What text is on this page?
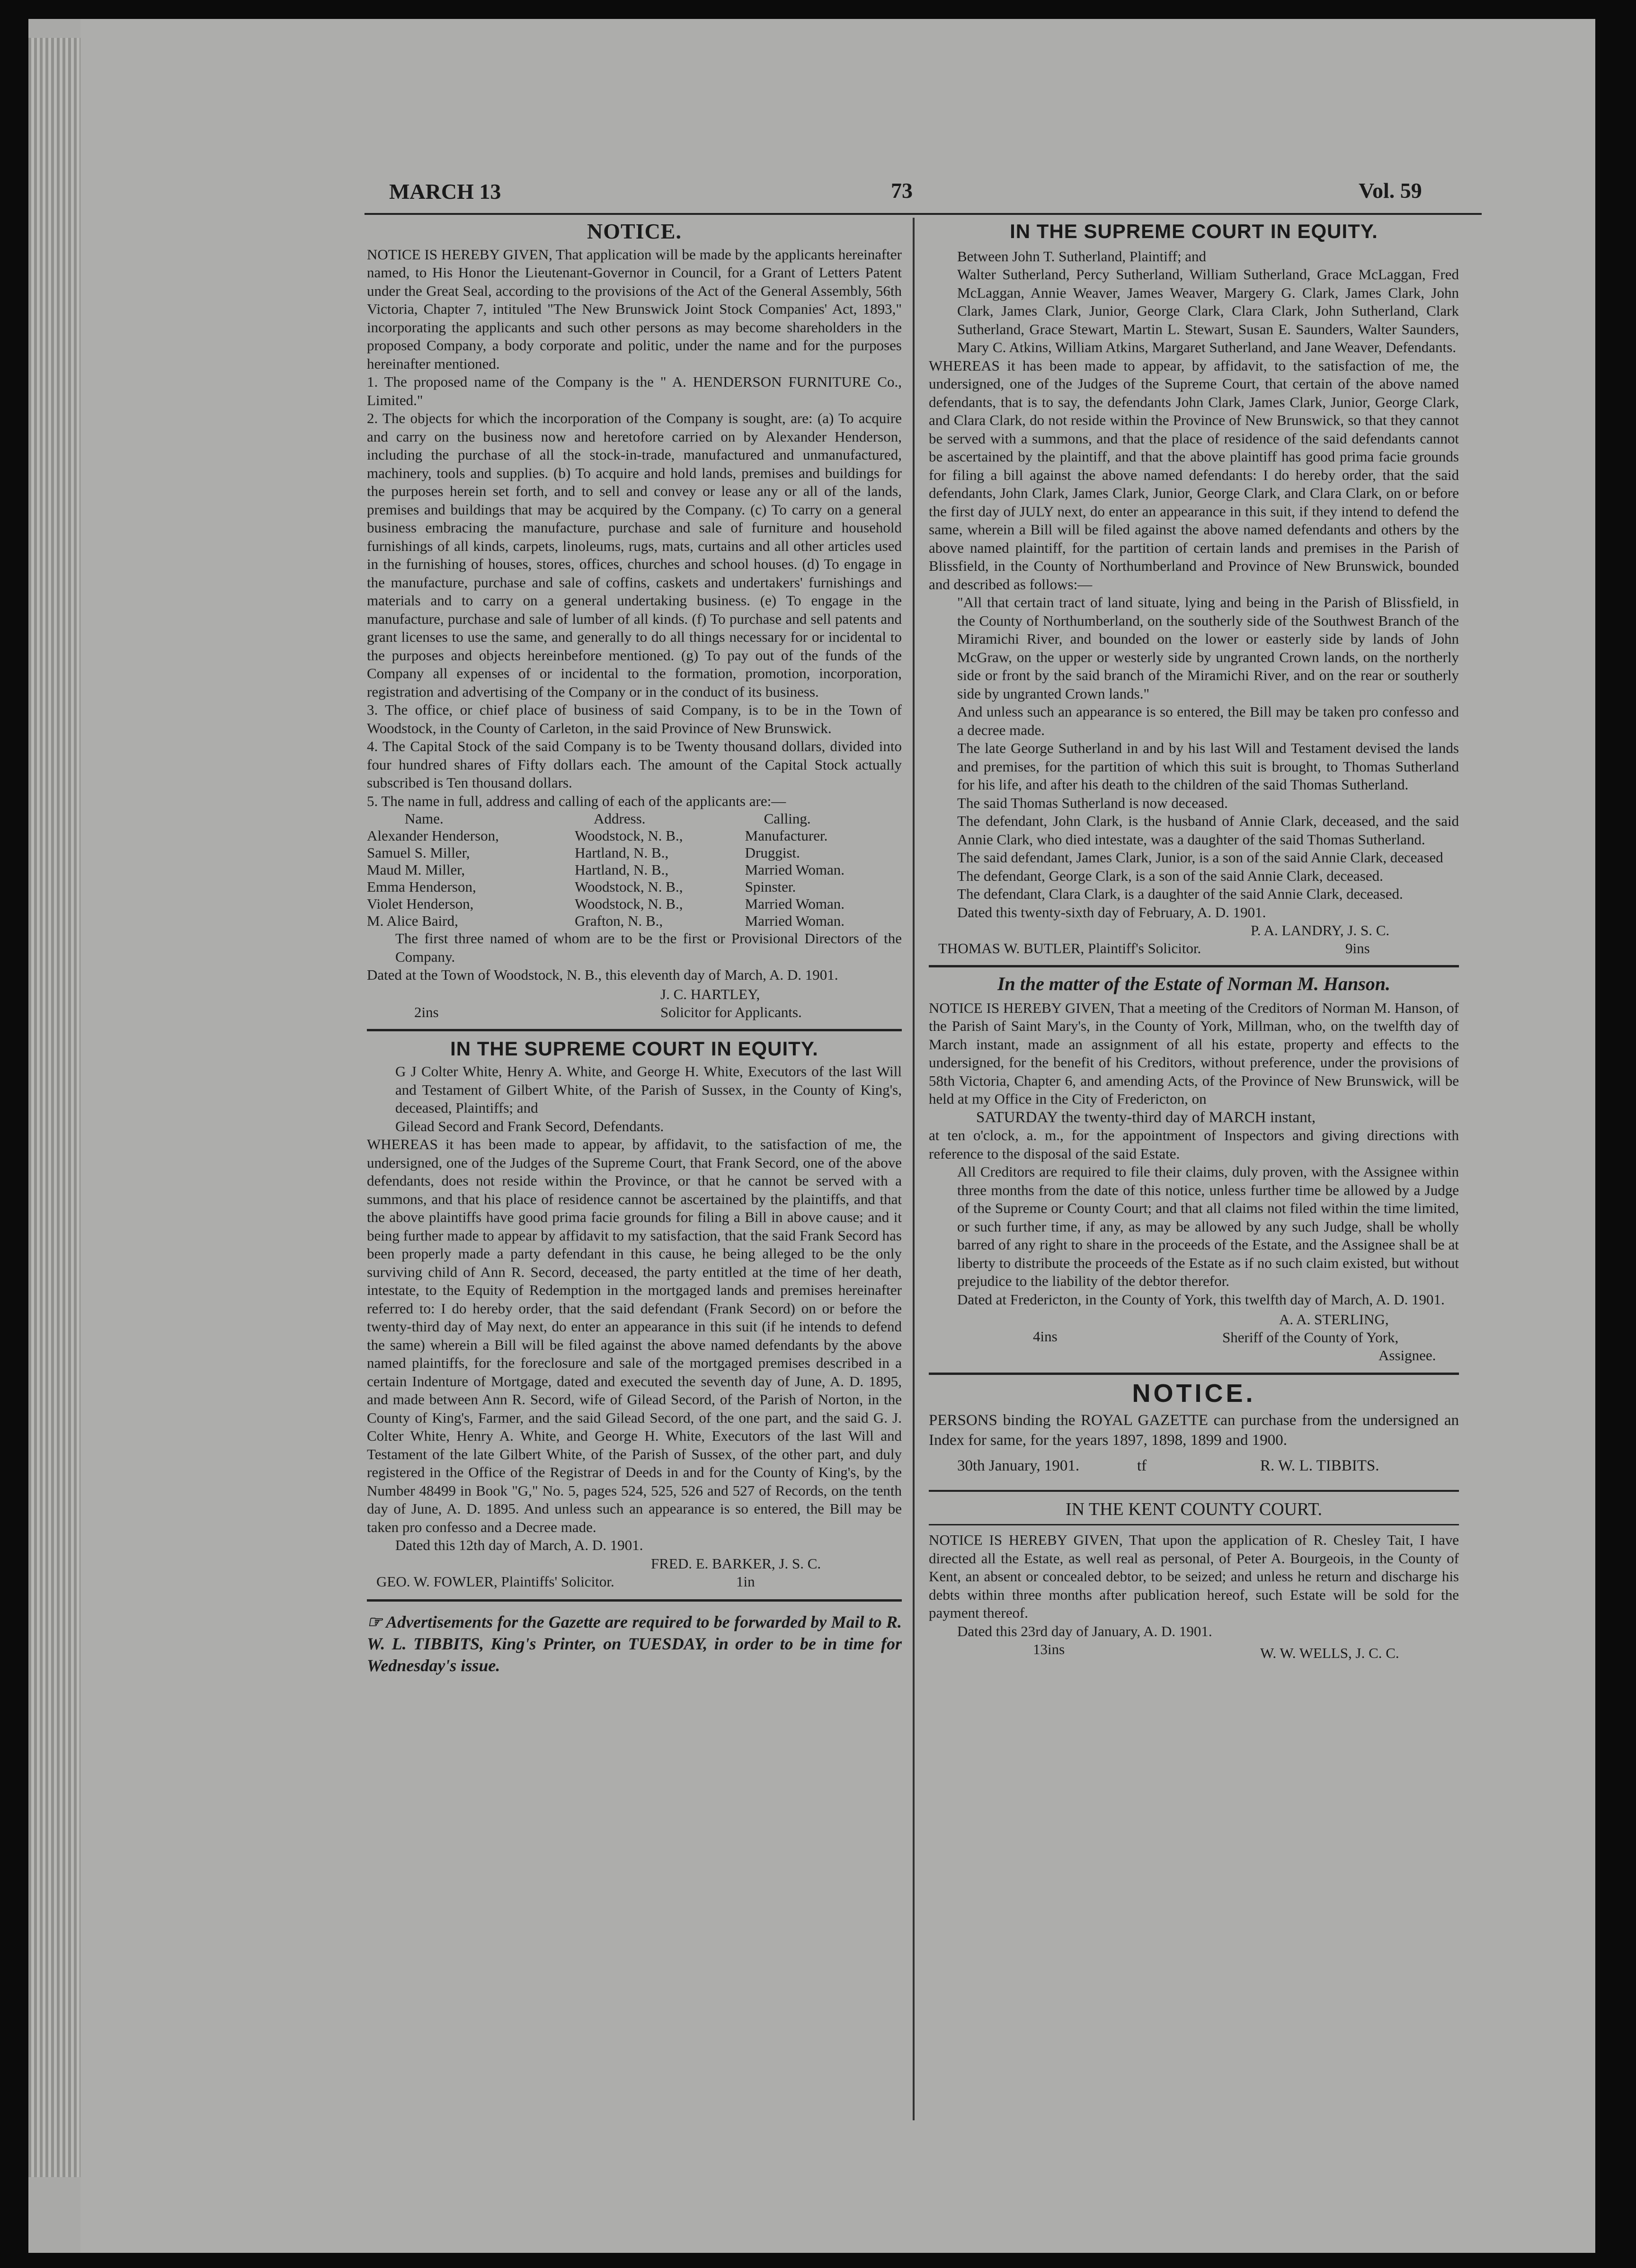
MARCH 13	73	Vol. 59
NOTICE.

NOTICE IS HEREBY GIVEN, That application will be made by the applicants hereinafter named, to His Honor the Lieutenant-Governor in Council, for a Grant of Letters Patent under the Great Seal, according to the provisions of the Act of the General Assembly, 56th Victoria, Chapter 7, intituled "The New Brunswick Joint Stock Companies' Act, 1893," incorporating the applicants and such other persons as may become shareholders in the proposed Company, a body corporate and politic, under the name and for the purposes hereinafter mentioned.

1. The proposed name of the Company is the " A. HENDERSON FURNITURE Co., Limited."

2. The objects for which the incorporation of the Company is sought, are: (a) To acquire and carry on the business now and heretofore carried on by Alexander Henderson, including the purchase of all the stock-in-trade, manufactured and unmanufactured, machinery, tools and supplies. (b) To acquire and hold lands, premises and buildings for the purposes herein set forth, and to sell and convey or lease any or all of the lands, premises and buildings that may be acquired by the Company. (c) To carry on a general business embracing the manufacture, purchase and sale of furniture and household furnishings of all kinds, carpets, linoleums, rugs, mats, curtains and all other articles used in the furnishing of houses, stores, offices, churches and school houses. (d) To engage in the manufacture, purchase and sale of coffins, caskets and undertakers' furnishings and materials and to carry on a general undertaking business. (e) To engage in the manufacture, purchase and sale of lumber of all kinds. (f) To purchase and sell patents and grant licenses to use the same, and generally to do all things necessary for or incidental to the purposes and objects hereinbefore mentioned. (g) To pay out of the funds of the Company all expenses of or incidental to the formation, promotion, incorporation, registration and advertising of the Company or in the conduct of its business.

3. The office, or chief place of business of said Company, is to be in the Town of Woodstock, in the County of Carleton, in the said Province of New Brunswick.

4. The Capital Stock of the said Company is to be Twenty thousand dollars, divided into four hundred shares of Fifty dollars each. The amount of the Capital Stock actually subscribed is Ten thousand dollars.

5. The name in full, address and calling of each of the applicants are:—

Name.	Address.	Calling.
Alexander Henderson,	Woodstock, N. B.,	Manufacturer.
Samuel S. Miller,	Hartland, N. B.,	Druggist.
Maud M. Miller,	Hartland, N. B.,	Married Woman.
Emma Henderson,	Woodstock, N. B.,	Spinster.
Violet Henderson,	Woodstock, N. B.,	Married Woman.
M. Alice Baird,	Grafton, N. B.,	Married Woman.

The first three named of whom are to be the first or Provisional Directors of the Company.

Dated at the Town of Woodstock, N. B., this eleventh day of March, A. D. 1901.

2ins
J. C. HARTLEY,
Solicitor for Applicants.
IN THE SUPREME COURT IN EQUITY.

G J Colter White, Henry A. White, and George H. White, Executors of the last Will and Testament of Gilbert White, of the Parish of Sussex, in the County of King's, deceased, Plaintiffs; and

Gilead Secord and Frank Secord, Defendants.

WHEREAS it has been made to appear, by affidavit, to the satisfaction of me, the undersigned, one of the Judges of the Supreme Court, that Frank Secord, one of the above defendants, does not reside within the Province, or that he cannot be served with a summons, and that his place of residence cannot be ascertained by the plaintiffs, and that the above plaintiffs have good prima facie grounds for filing a Bill in above cause; and it being further made to appear by affidavit to my satisfaction, that the said Frank Secord has been properly made a party defendant in this cause, he being alleged to be the only surviving child of Ann R. Secord, deceased, the party entitled at the time of her death, intestate, to the Equity of Redemption in the mortgaged lands and premises hereinafter referred to: I do hereby order, that the said defendant (Frank Secord) on or before the twenty-third day of May next, do enter an appearance in this suit (if he intends to defend the same) wherein a Bill will be filed against the above named defendants by the above named plaintiffs, for the foreclosure and sale of the mortgaged premises described in a certain Indenture of Mortgage, dated and executed the seventh day of June, A. D. 1895, and made between Ann R. Secord, wife of Gilead Secord, of the Parish of Norton, in the County of King's, Farmer, and the said Gilead Secord, of the one part, and the said G. J. Colter White, Henry A. White, and George H. White, Executors of the last Will and Testament of the late Gilbert White, of the Parish of Sussex, of the other part, and duly registered in the Office of the Registrar of Deeds in and for the County of King's, by the Number 48499 in Book "G," No. 5, pages 524, 525, 526 and 527 of Records, on the tenth day of June, A. D. 1895. And unless such an appearance is so entered, the Bill may be taken pro confesso and a Decree made.

Dated this 12th day of March, A. D. 1901.

FRED. E. BARKER, J. S. C.
GEO. W. FOWLER, Plaintiffs' Solicitor.	1in

☞ Advertisements for the Gazette are required to be forwarded by Mail to R. W. L. TIBBITS, King's Printer, on TUESDAY, in order to be in time for Wednesday's issue.

IN THE SUPREME COURT IN EQUITY.

Between John T. Sutherland, Plaintiff; and

Walter Sutherland, Percy Sutherland, William Sutherland, Grace McLaggan, Fred McLaggan, Annie Weaver, James Weaver, Margery G. Clark, James Clark, John Clark, James Clark, Junior, George Clark, Clara Clark, John Sutherland, Clark Sutherland, Grace Stewart, Martin L. Stewart, Susan E. Saunders, Walter Saunders, Mary C. Atkins, William Atkins, Margaret Sutherland, and Jane Weaver, Defendants.

WHEREAS it has been made to appear, by affidavit, to the satisfaction of me, the undersigned, one of the Judges of the Supreme Court, that certain of the above named defendants, that is to say, the defendants John Clark, James Clark, Junior, George Clark, and Clara Clark, do not reside within the Province of New Brunswick, so that they cannot be served with a summons, and that the place of residence of the said defendants cannot be ascertained by the plaintiff, and that the above plaintiff has good prima facie grounds for filing a bill against the above named defendants: I do hereby order, that the said defendants, John Clark, James Clark, Junior, George Clark, and Clara Clark, on or before the first day of JULY next, do enter an appearance in this suit, if they intend to defend the same, wherein a Bill will be filed against the above named defendants and others by the above named plaintiff, for the partition of certain lands and premises in the Parish of Blissfield, in the County of Northumberland and Province of New Brunswick, bounded and described as follows:—

"All that certain tract of land situate, lying and being in the Parish of Blissfield, in the County of Northumberland, on the southerly side of the Southwest Branch of the Miramichi River, and bounded on the lower or easterly side by lands of John McGraw, on the upper or westerly side by ungranted Crown lands, on the northerly side or front by the said branch of the Miramichi River, and on the rear or southerly side by ungranted Crown lands."

And unless such an appearance is so entered, the Bill may be taken pro confesso and a decree made.

The late George Sutherland in and by his last Will and Testament devised the lands and premises, for the partition of which this suit is brought, to Thomas Sutherland for his life, and after his death to the children of the said Thomas Sutherland.

The said Thomas Sutherland is now deceased.

The defendant, John Clark, is the husband of Annie Clark, deceased, and the said Annie Clark, who died intestate, was a daughter of the said Thomas Sutherland.

The said defendant, James Clark, Junior, is a son of the said Annie Clark, deceased

The defendant, George Clark, is a son of the said Annie Clark, deceased.

The defendant, Clara Clark, is a daughter of the said Annie Clark, deceased.

Dated this twenty-sixth day of February, A. D. 1901.

P. A. LANDRY, J. S. C.
THOMAS W. BUTLER, Plaintiff's Solicitor.	9ins
In the matter of the Estate of Norman M. Hanson.

NOTICE IS HEREBY GIVEN, That a meeting of the Creditors of Norman M. Hanson, of the Parish of Saint Mary's, in the County of York, Millman, who, on the twelfth day of March instant, made an assignment of all his estate, property and effects to the undersigned, for the benefit of his Creditors, without preference, under the provisions of 58th Victoria, Chapter 6, and amending Acts, of the Province of New Brunswick, will be held at my Office in the City of Fredericton, on

SATURDAY the twenty-third day of MARCH instant,

at ten o'clock, a. m., for the appointment of Inspectors and giving directions with reference to the disposal of the said Estate.

All Creditors are required to file their claims, duly proven, with the Assignee within three months from the date of this notice, unless further time be allowed by a Judge of the Supreme or County Court; and that all claims not filed within the time limited, or such further time, if any, as may be allowed by any such Judge, shall be wholly barred of any right to share in the proceeds of the Estate, and the Assignee shall be at liberty to distribute the proceeds of the Estate as if no such claim existed, but without prejudice to the liability of the debtor therefor.

Dated at Fredericton, in the County of York, this twelfth day of March, A. D. 1901.

4ins
A. A. STERLING,
Sheriff of the County of York,
Assignee.
NOTICE.

PERSONS binding the ROYAL GAZETTE can purchase from the undersigned an Index for same, for the years 1897, 1898, 1899 and 1900.

30th January, 1901.	tf	R. W. L. TIBBITS.
IN THE KENT COUNTY COURT.

NOTICE IS HEREBY GIVEN, That upon the application of R. Chesley Tait, I have directed all the Estate, as well real as personal, of Peter A. Bourgeois, in the County of Kent, an absent or concealed debtor, to be seized; and unless he return and discharge his debts within three months after publication hereof, such Estate will be sold for the payment thereof.

Dated this 23rd day of January, A. D. 1901.

13ins	W. W. WELLS, J. C. C.
